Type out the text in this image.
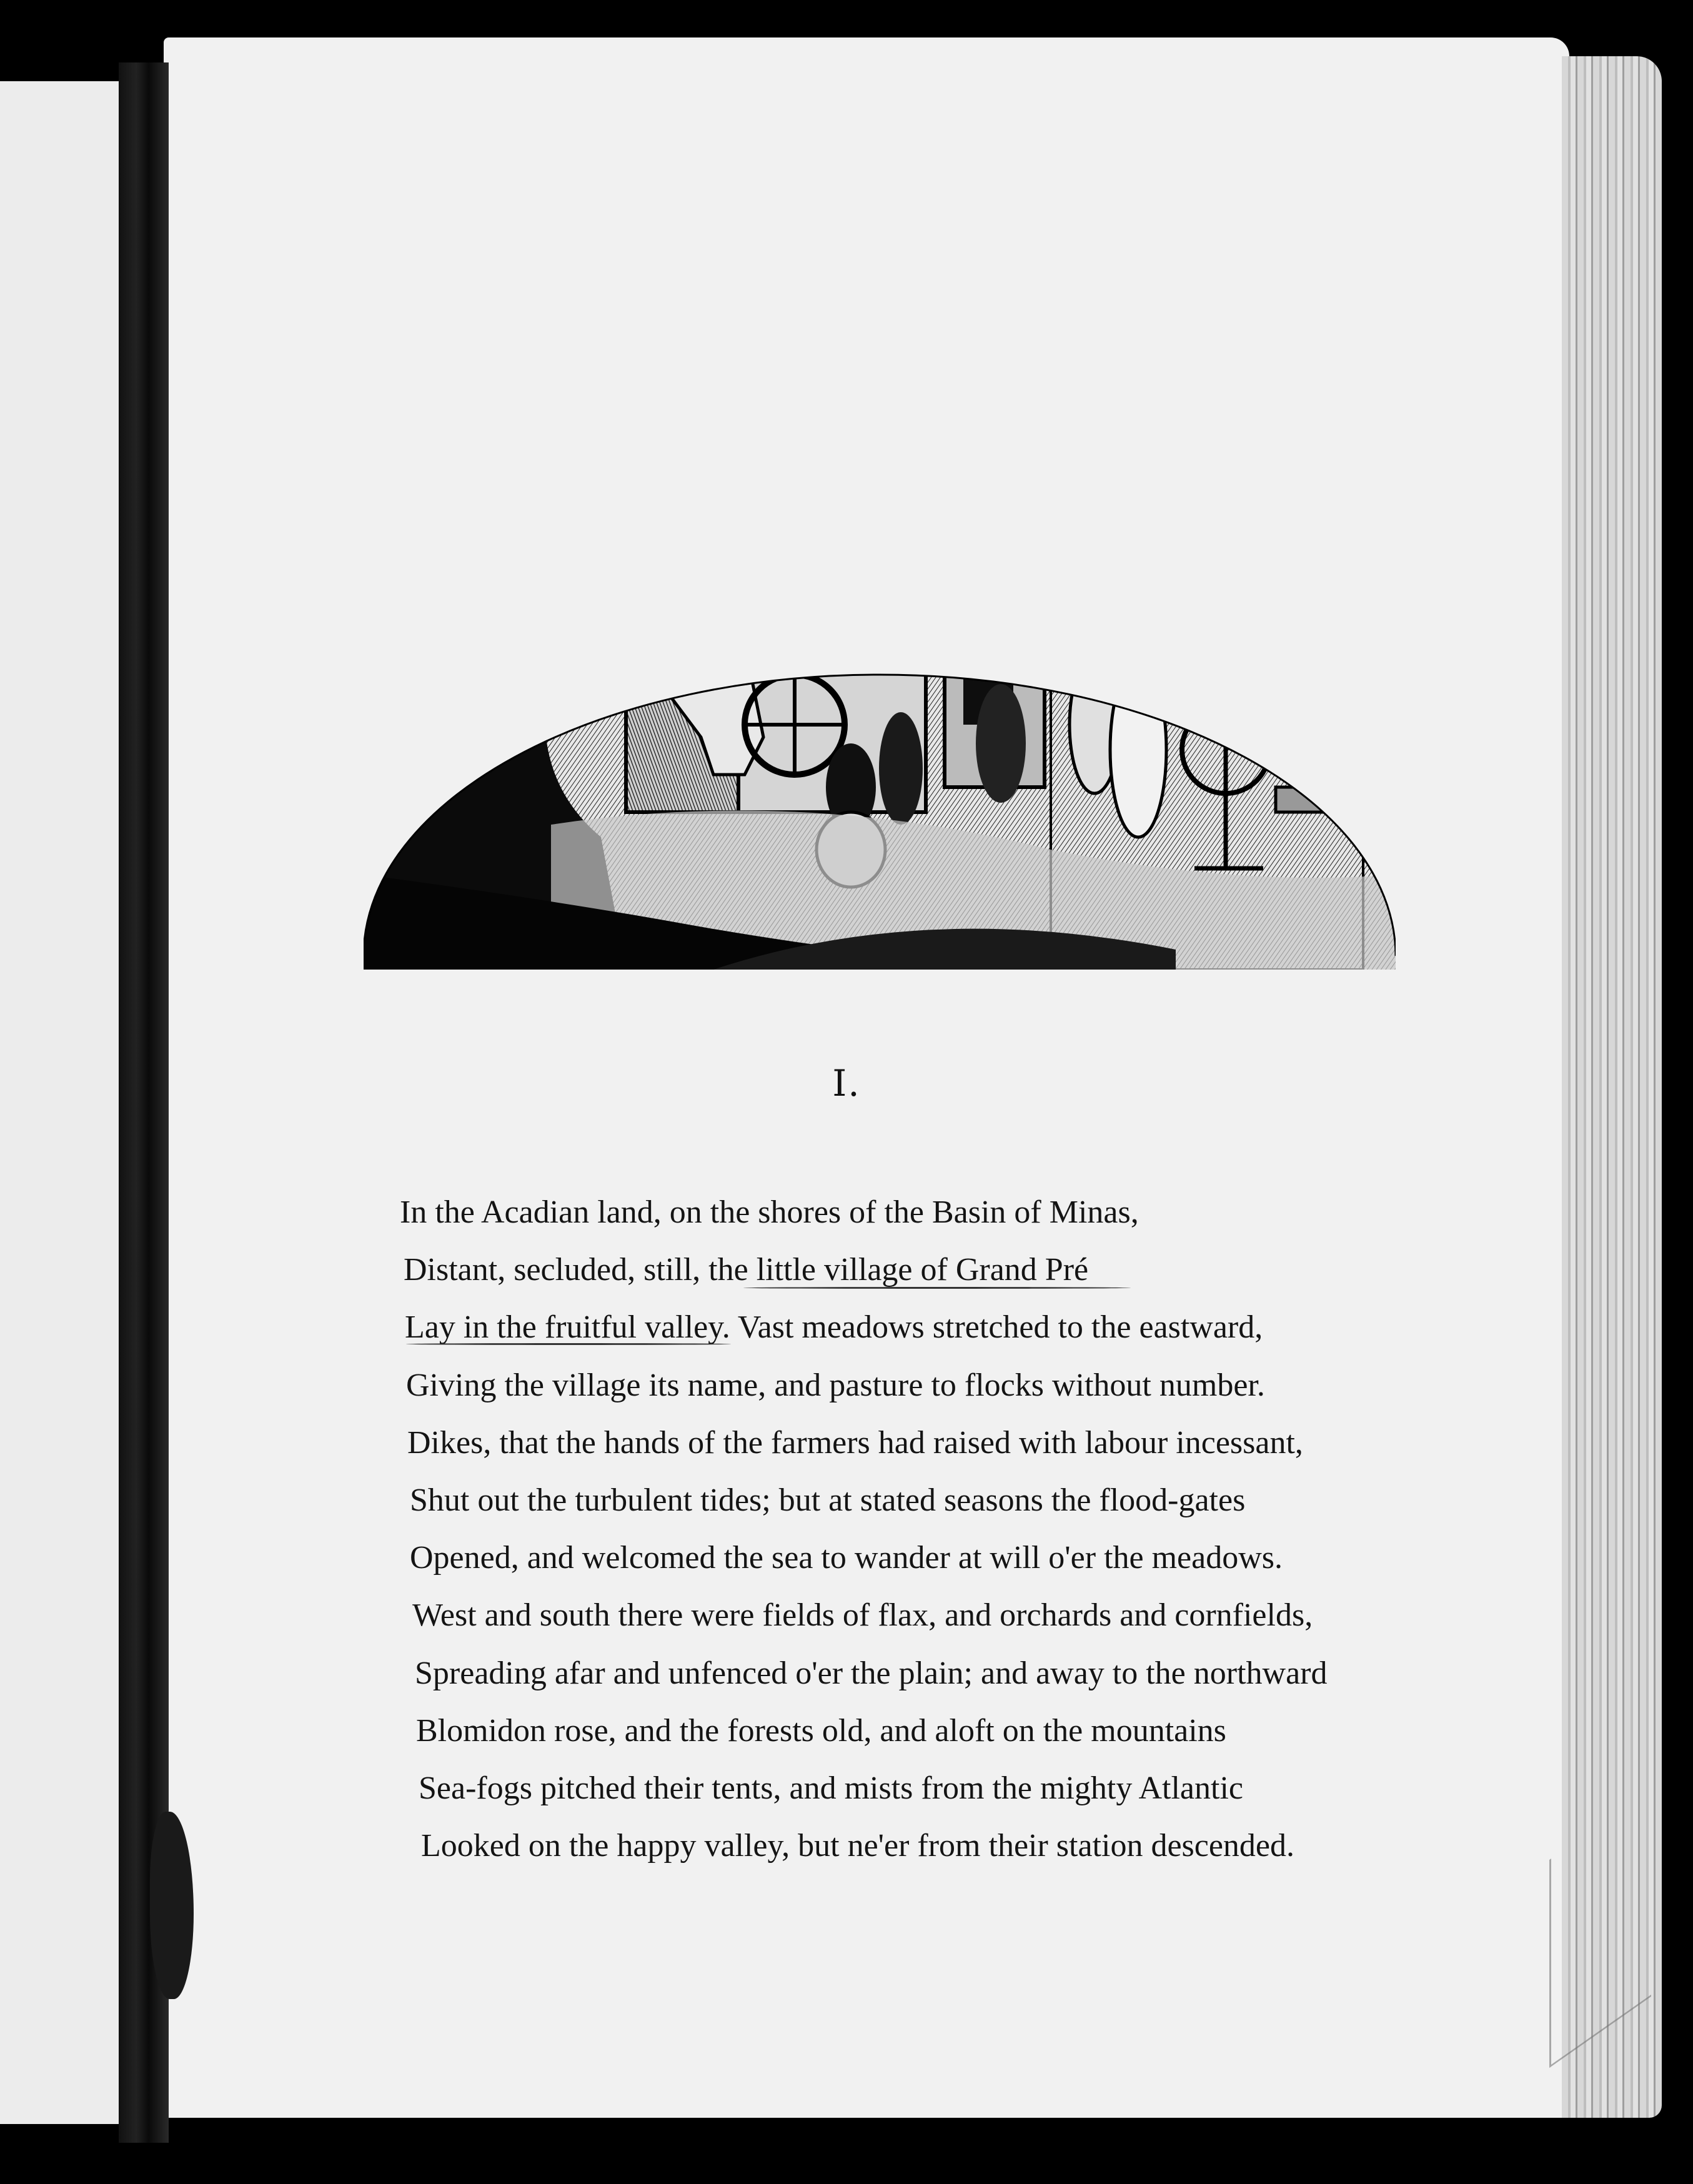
I.
In the Acadian land, on the shores of the Basin of Minas,
Distant, secluded, still, the little village of Grand Pré
Lay in the fruitful valley. Vast meadows stretched to the eastward,
Giving the village its name, and pasture to flocks without number.
Dikes, that the hands of the farmers had raised with labour incessant,
Shut out the turbulent tides; but at stated seasons the flood-gates
Opened, and welcomed the sea to wander at will o'er the meadows.
West and south there were fields of flax, and orchards and cornfields,
Spreading afar and unfenced o'er the plain; and away to the northward
Blomidon rose, and the forests old, and aloft on the mountains
Sea-fogs pitched their tents, and mists from the mighty Atlantic
Looked on the happy valley, but ne'er from their station descended.
